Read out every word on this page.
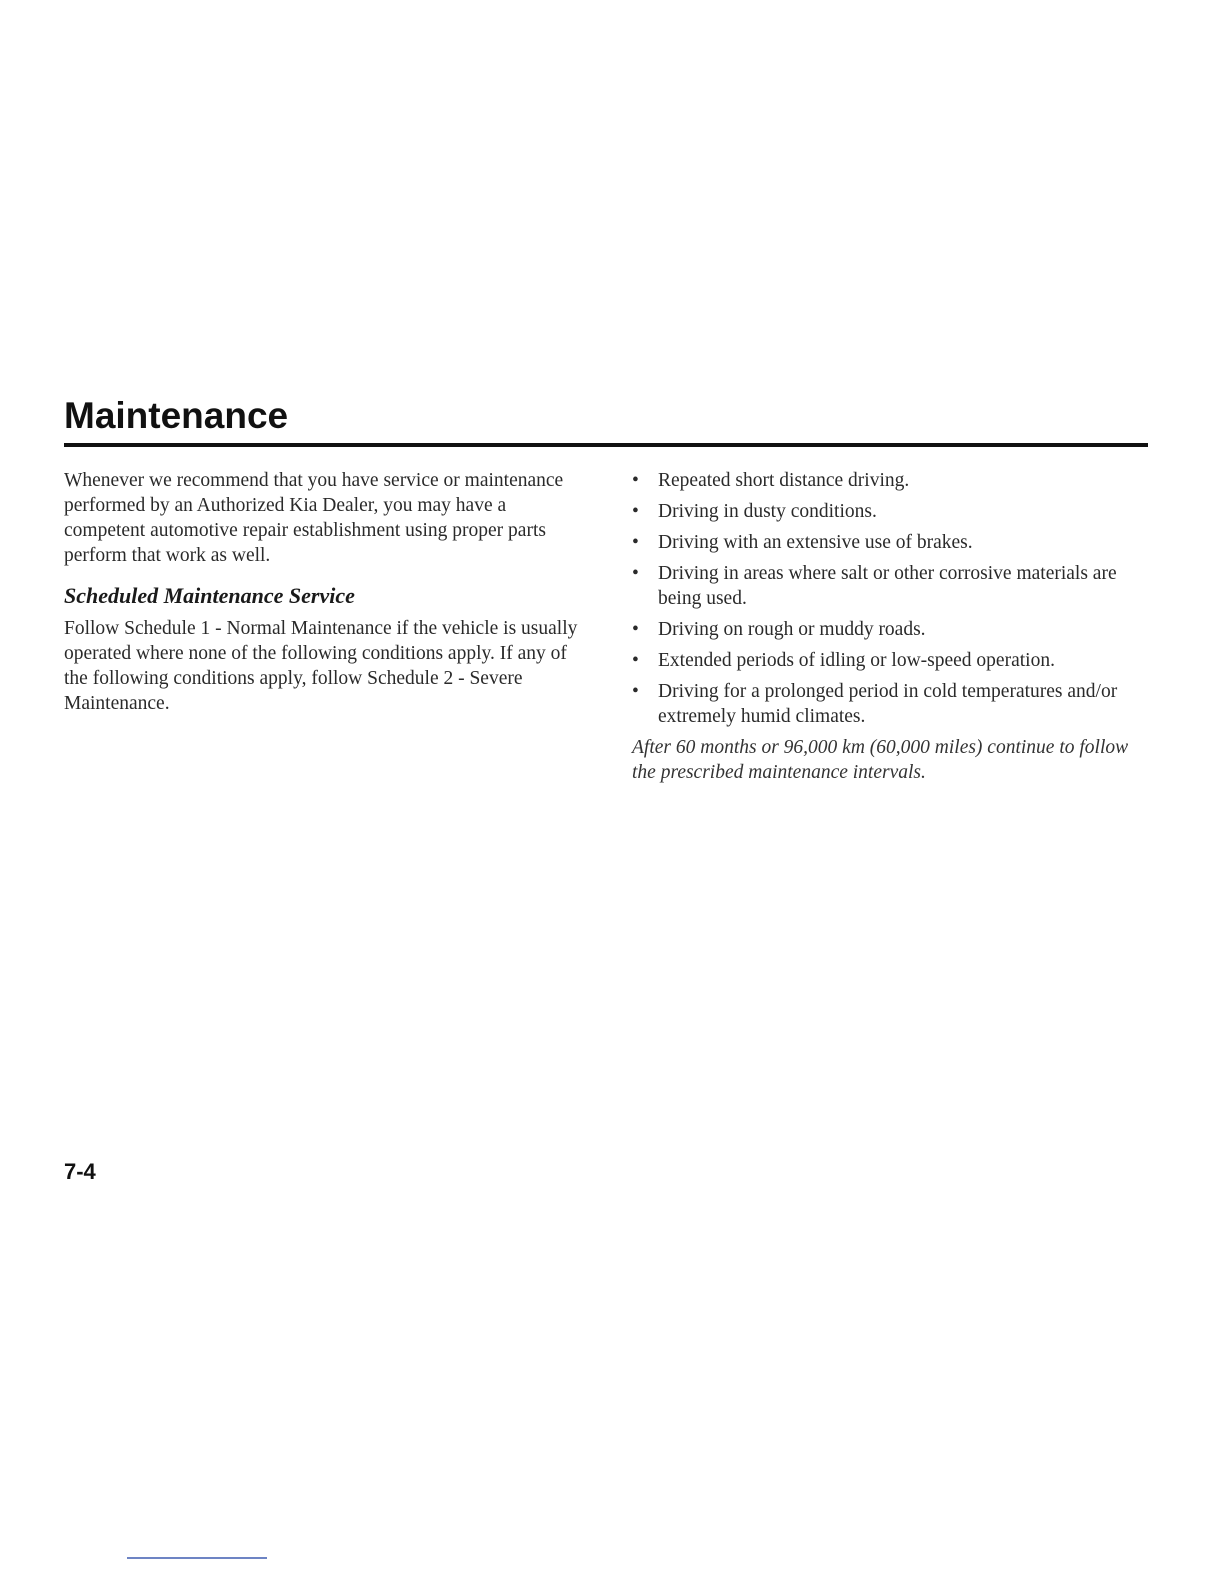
Maintenance

Whenever we recommend that you have service or maintenance performed by an Authorized Kia Dealer, you may have a competent automotive repair establishment using proper parts perform that work as well.

Scheduled Maintenance Service

Follow Schedule 1 - Normal Maintenance if the vehicle is usually operated where none of the following conditions apply. If any of the following conditions apply, follow Schedule 2 - Severe Maintenance.

• Repeated short distance driving.
• Driving in dusty conditions.
• Driving with an extensive use of brakes.
• Driving in areas where salt or other corrosive materials are being used.
• Driving on rough or muddy roads.
• Extended periods of idling or low-speed operation.
• Driving for a prolonged period in cold temperatures and/or extremely humid climates.

After 60 months or 96,000 km (60,000 miles) continue to follow the prescribed maintenance intervals.

7-4
